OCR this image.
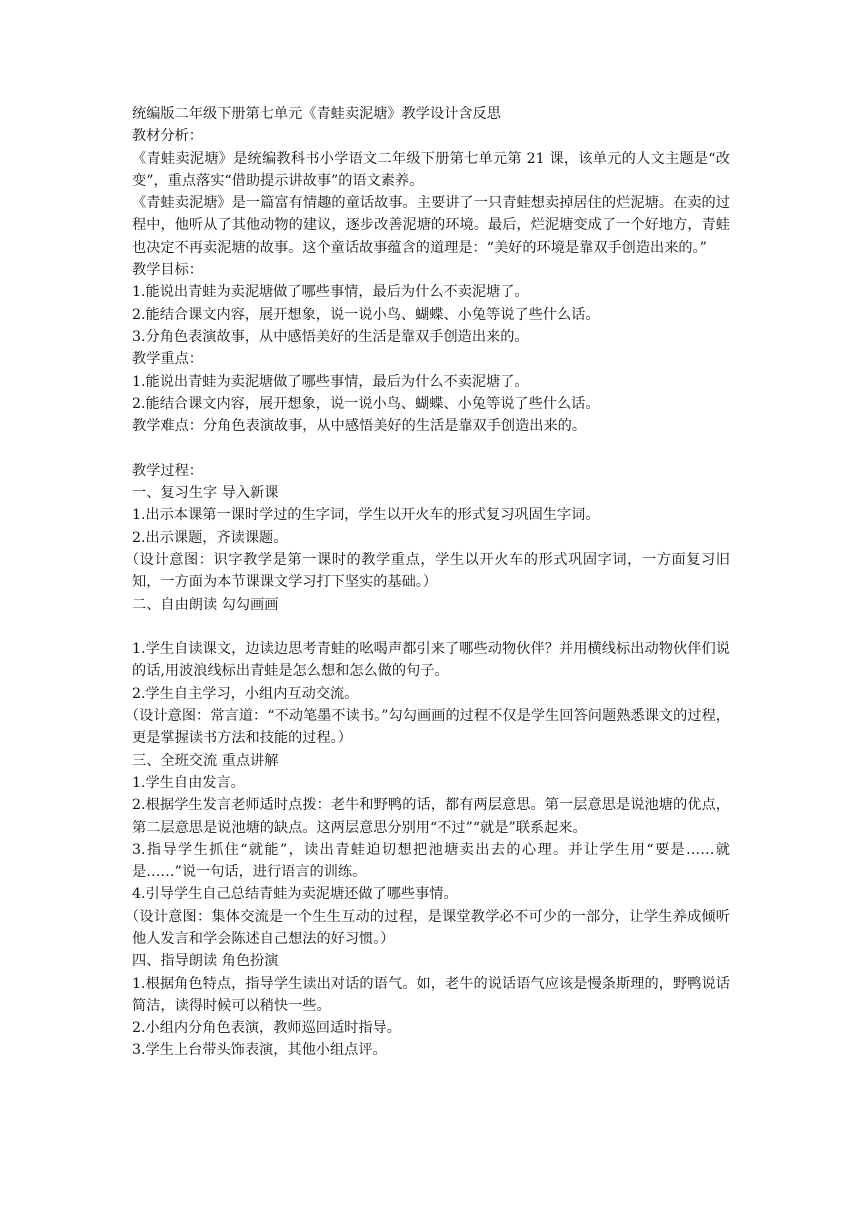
统编版二年级下册第七单元《青蛙卖泥塘》教学设计含反思
教材分析：

《青蛙卖泥塘》是统编教科书小学语文二年级下册第七单元第 21 课，该单元的人文主题是“改变”，重点落实“借助提示讲故事”的语文素养。

《青蛙卖泥塘》是一篇富有情趣的童话故事。主要讲了一只青蛙想卖掉居住的烂泥塘。在卖的过程中，他听从了其他动物的建议，逐步改善泥塘的环境。最后，烂泥塘变成了一个好地方，青蛙也决定不再卖泥塘的故事。这个童话故事蕴含的道理是：“美好的环境是靠双手创造出来的。”

教学目标：
1.能说出青蛙为卖泥塘做了哪些事情，最后为什么不卖泥塘了。
2.能结合课文内容，展开想象，说一说小鸟、蝴蝶、小兔等说了些什么话。
3.分角色表演故事，从中感悟美好的生活是靠双手创造出来的。
教学重点：
1.能说出青蛙为卖泥塘做了哪些事情，最后为什么不卖泥塘了。
2.能结合课文内容，展开想象，说一说小鸟、蝴蝶、小兔等说了些什么话。
教学难点：分角色表演故事，从中感悟美好的生活是靠双手创造出来的。
教学过程：
一、复习生字 导入新课
1.出示本课第一课时学过的生字词，学生以开火车的形式复习巩固生字词。
2.出示课题，齐读课题。

（设计意图：识字教学是第一课时的教学重点，学生以开火车的形式巩固字词，一方面复习旧知，一方面为本节课课文学习打下坚实的基础。）

二、自由朗读 勾勾画画

1.学生自读课文，边读边思考青蛙的吆喝声都引来了哪些动物伙伴？并用横线标出动物伙伴们说的话,用波浪线标出青蛙是怎么想和怎么做的句子。

2.学生自主学习，小组内互动交流。

（设计意图：常言道：“不动笔墨不读书。”勾勾画画的过程不仅是学生回答问题熟悉课文的过程，更是掌握读书方法和技能的过程。）

三、全班交流 重点讲解
1.学生自由发言。

2.根据学生发言老师适时点拨：老牛和野鸭的话，都有两层意思。第一层意思是说池塘的优点，第二层意思是说池塘的缺点。这两层意思分别用“不过”“就是”联系起来。

3.指导学生抓住“就能”，读出青蛙迫切想把池塘卖出去的心理。并让学生用“要是……就是……”说一句话，进行语言的训练。

4.引导学生自己总结青蛙为卖泥塘还做了哪些事情。

（设计意图：集体交流是一个生生互动的过程，是课堂教学必不可少的一部分，让学生养成倾听他人发言和学会陈述自己想法的好习惯。）

四、指导朗读 角色扮演

1.根据角色特点，指导学生读出对话的语气。如，老牛的说话语气应该是慢条斯理的，野鸭说话简洁，读得时候可以稍快一些。

2.小组内分角色表演，教师巡回适时指导。
3.学生上台带头饰表演，其他小组点评。
